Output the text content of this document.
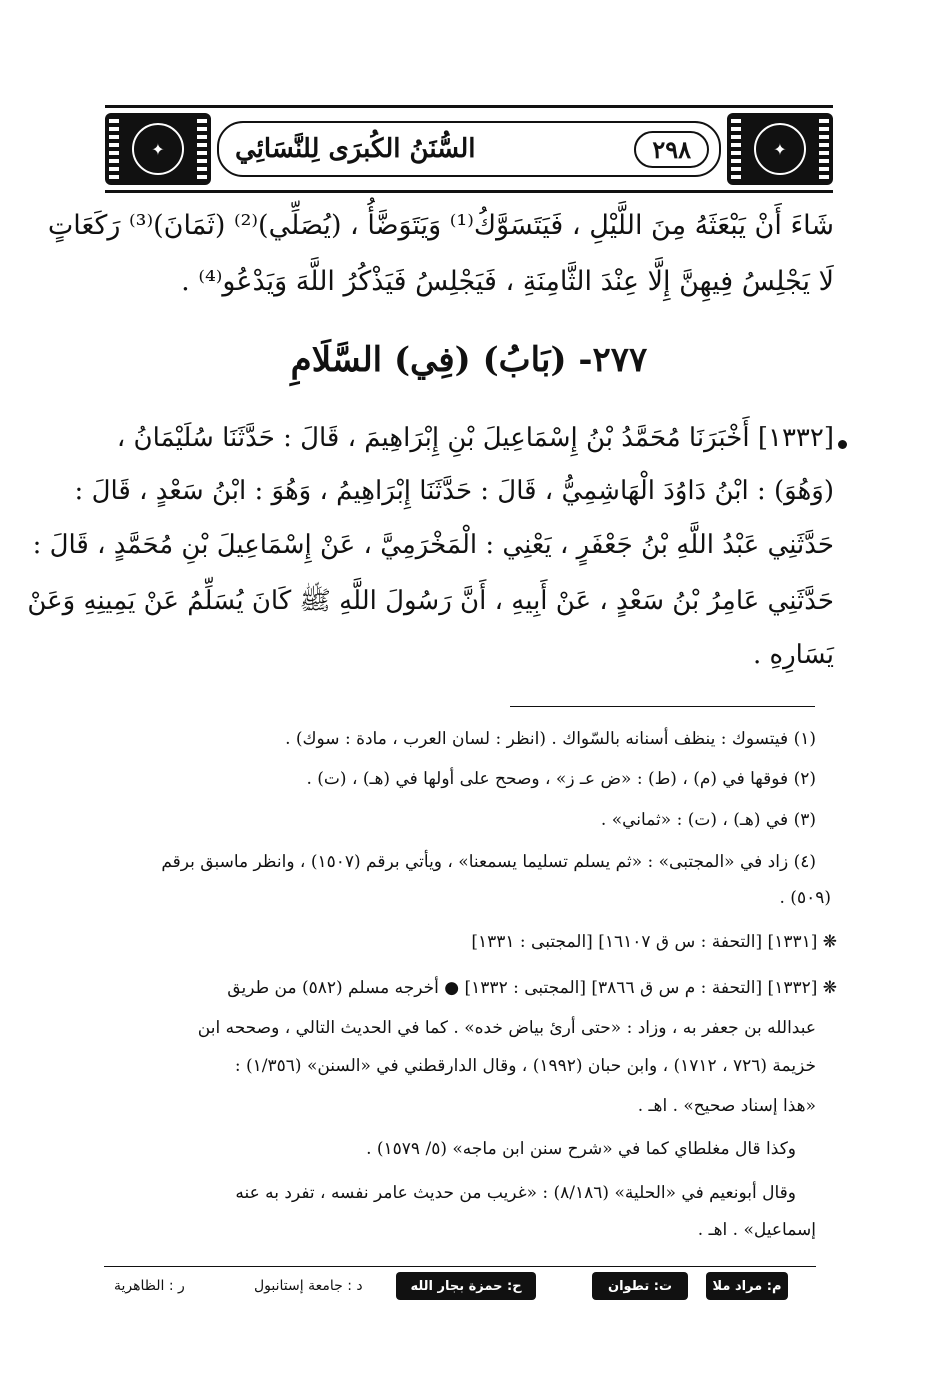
✦	السُّنَنُ الكُبرَى لِلنَّسَائِي	٢٩٨	✦
شَاءَ أَنْ يَبْعَثَهُ مِنَ اللَّيْلِ ، فَيَتَسَوَّكُ⁽¹⁾ وَيَتَوَضَّأُ ، (يُصَلِّي)⁽²⁾ (ثَمَانَ)⁽³⁾ رَكَعَاتٍ
لَا يَجْلِسُ فِيهِنَّ إِلَّا عِنْدَ الثَّامِنَةِ ، فَيَجْلِسُ فَيَذْكُرُ اللَّهَ وَيَدْعُو⁽⁴⁾ .
٢٧٧- (بَابُ) (فِي) السَّلَامِ
[١٣٣٢] أَخْبَرَنَا مُحَمَّدُ بْنُ إِسْمَاعِيلَ بْنِ إِبْرَاهِيمَ ، قَالَ : حَدَّثَنَا سُلَيْمَانُ ،
(وَهُوَ) : ابْنُ دَاوُدَ الْهَاشِمِيُّ ، قَالَ : حَدَّثَنَا إِبْرَاهِيمُ ، وَهُوَ : ابْنُ سَعْدٍ ، قَالَ :
حَدَّثَنِي عَبْدُ اللَّهِ بْنُ جَعْفَرٍ ، يَعْنِي : الْمَخْرَمِيَّ ، عَنْ إِسْمَاعِيلَ بْنِ مُحَمَّدٍ ، قَالَ :
حَدَّثَنِي عَامِرُ بْنُ سَعْدٍ ، عَنْ أَبِيهِ ، أَنَّ رَسُولَ اللَّهِ ﷺ كَانَ يُسَلِّمُ عَنْ يَمِينِهِ وَعَنْ
يَسَارِهِ .
(١) فيتسوك : ينظف أسنانه بالسّواك . (انظر : لسان العرب ، مادة : سوك) .
(٢) فوقها في (م) ، (ط) : «ض عـ ز» ، وصحح على أولها في (هـ) ، (ت) .
(٣) في (هـ) ، (ت) : «ثماني» .
(٤) زاد في «المجتبى» : «ثم يسلم تسليما يسمعنا» ، ويأتي برقم (١٥٠٧) ، وانظر ماسبق برقم
(٥٠٩) .
❋ [١٣٣١] [التحفة : س ق ١٦١٠٧] [المجتبى : ١٣٣١]
❋ [١٣٣٢] [التحفة : م س ق ٣٨٦٦] [المجتبى : ١٣٣٢] ● أخرجه مسلم (٥٨٢) من طريق
عبدالله بن جعفر به ، وزاد : «حتى أرئ بياض خده» . كما في الحديث التالي ، وصححه ابن
خزيمة (٧٢٦ ، ١٧١٢) ، وابن حبان (١٩٩٢) ، وقال الدارقطني في «السنن» (١/٣٥٦) :
«هذا إسناد صحيح» . اهـ .
وكذا قال مغلطاي كما في «شرح سنن ابن ماجه» (٥/ ١٥٧٩) .
وقال أبونعيم في «الحلية» (٨/١٨٦) : «غريب من حديث عامر نفسه ، تفرد به عنه
إسماعيل» . اهـ .
م: مراد ملا
ت: تطوان
ح: حمزة بجار الله
د : جامعة إستانبول
ر : الظاهرية
